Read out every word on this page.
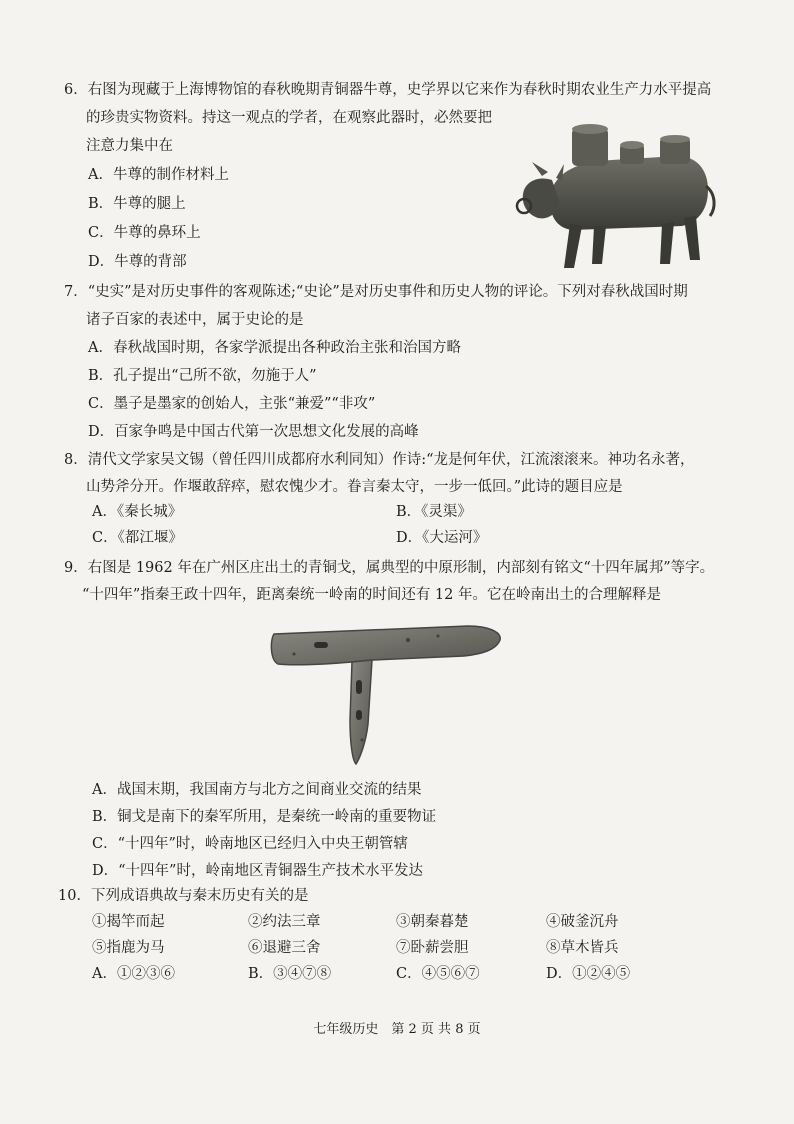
6．右图为现藏于上海博物馆的春秋晚期青铜器牛尊，史学界以它来作为春秋时期农业生产力水平提高
的珍贵实物资料。持这一观点的学者，在观察此器时，必然要把
注意力集中在
A．牛尊的制作材料上
B．牛尊的腿上
C．牛尊的鼻环上
D．牛尊的背部
7．“史实”是对历史事件的客观陈述;“史论”是对历史事件和历史人物的评论。下列对春秋战国时期
诸子百家的表述中，属于史论的是
A．春秋战国时期，各家学派提出各种政治主张和治国方略
B．孔子提出“己所不欲，勿施于人”
C．墨子是墨家的创始人，主张“兼爱”“非攻”
D．百家争鸣是中国古代第一次思想文化发展的高峰
8．清代文学家吴文锡（曾任四川成都府水利同知）作诗:“龙是何年伏，江流滚滚来。神功名永著，
山势斧分开。作堰敢辞瘁，慰农愧少才。眷言秦太守，一步一低回。”此诗的题目应是
A．《秦长城》	B．《灵渠》
C．《都江堰》	D．《大运河》
9．右图是 1962 年在广州区庄出土的青铜戈，属典型的中原形制，内部刻有铭文“十四年属邦”等字。
“十四年”指秦王政十四年，距离秦统一岭南的时间还有 12 年。它在岭南出土的合理解释是
A．战国末期，我国南方与北方之间商业交流的结果
B．铜戈是南下的秦军所用，是秦统一岭南的重要物证
C．“十四年”时，岭南地区已经归入中央王朝管辖
D．“十四年”时，岭南地区青铜器生产技术水平发达
10．下列成语典故与秦末历史有关的是
①揭竿而起	②约法三章	③朝秦暮楚	④破釜沉舟
⑤指鹿为马	⑥退避三舍	⑦卧薪尝胆	⑧草木皆兵
A．①②③⑥	B．③④⑦⑧	C．④⑤⑥⑦	D．①②④⑤
七年级历史　第 2 页 共 8 页
